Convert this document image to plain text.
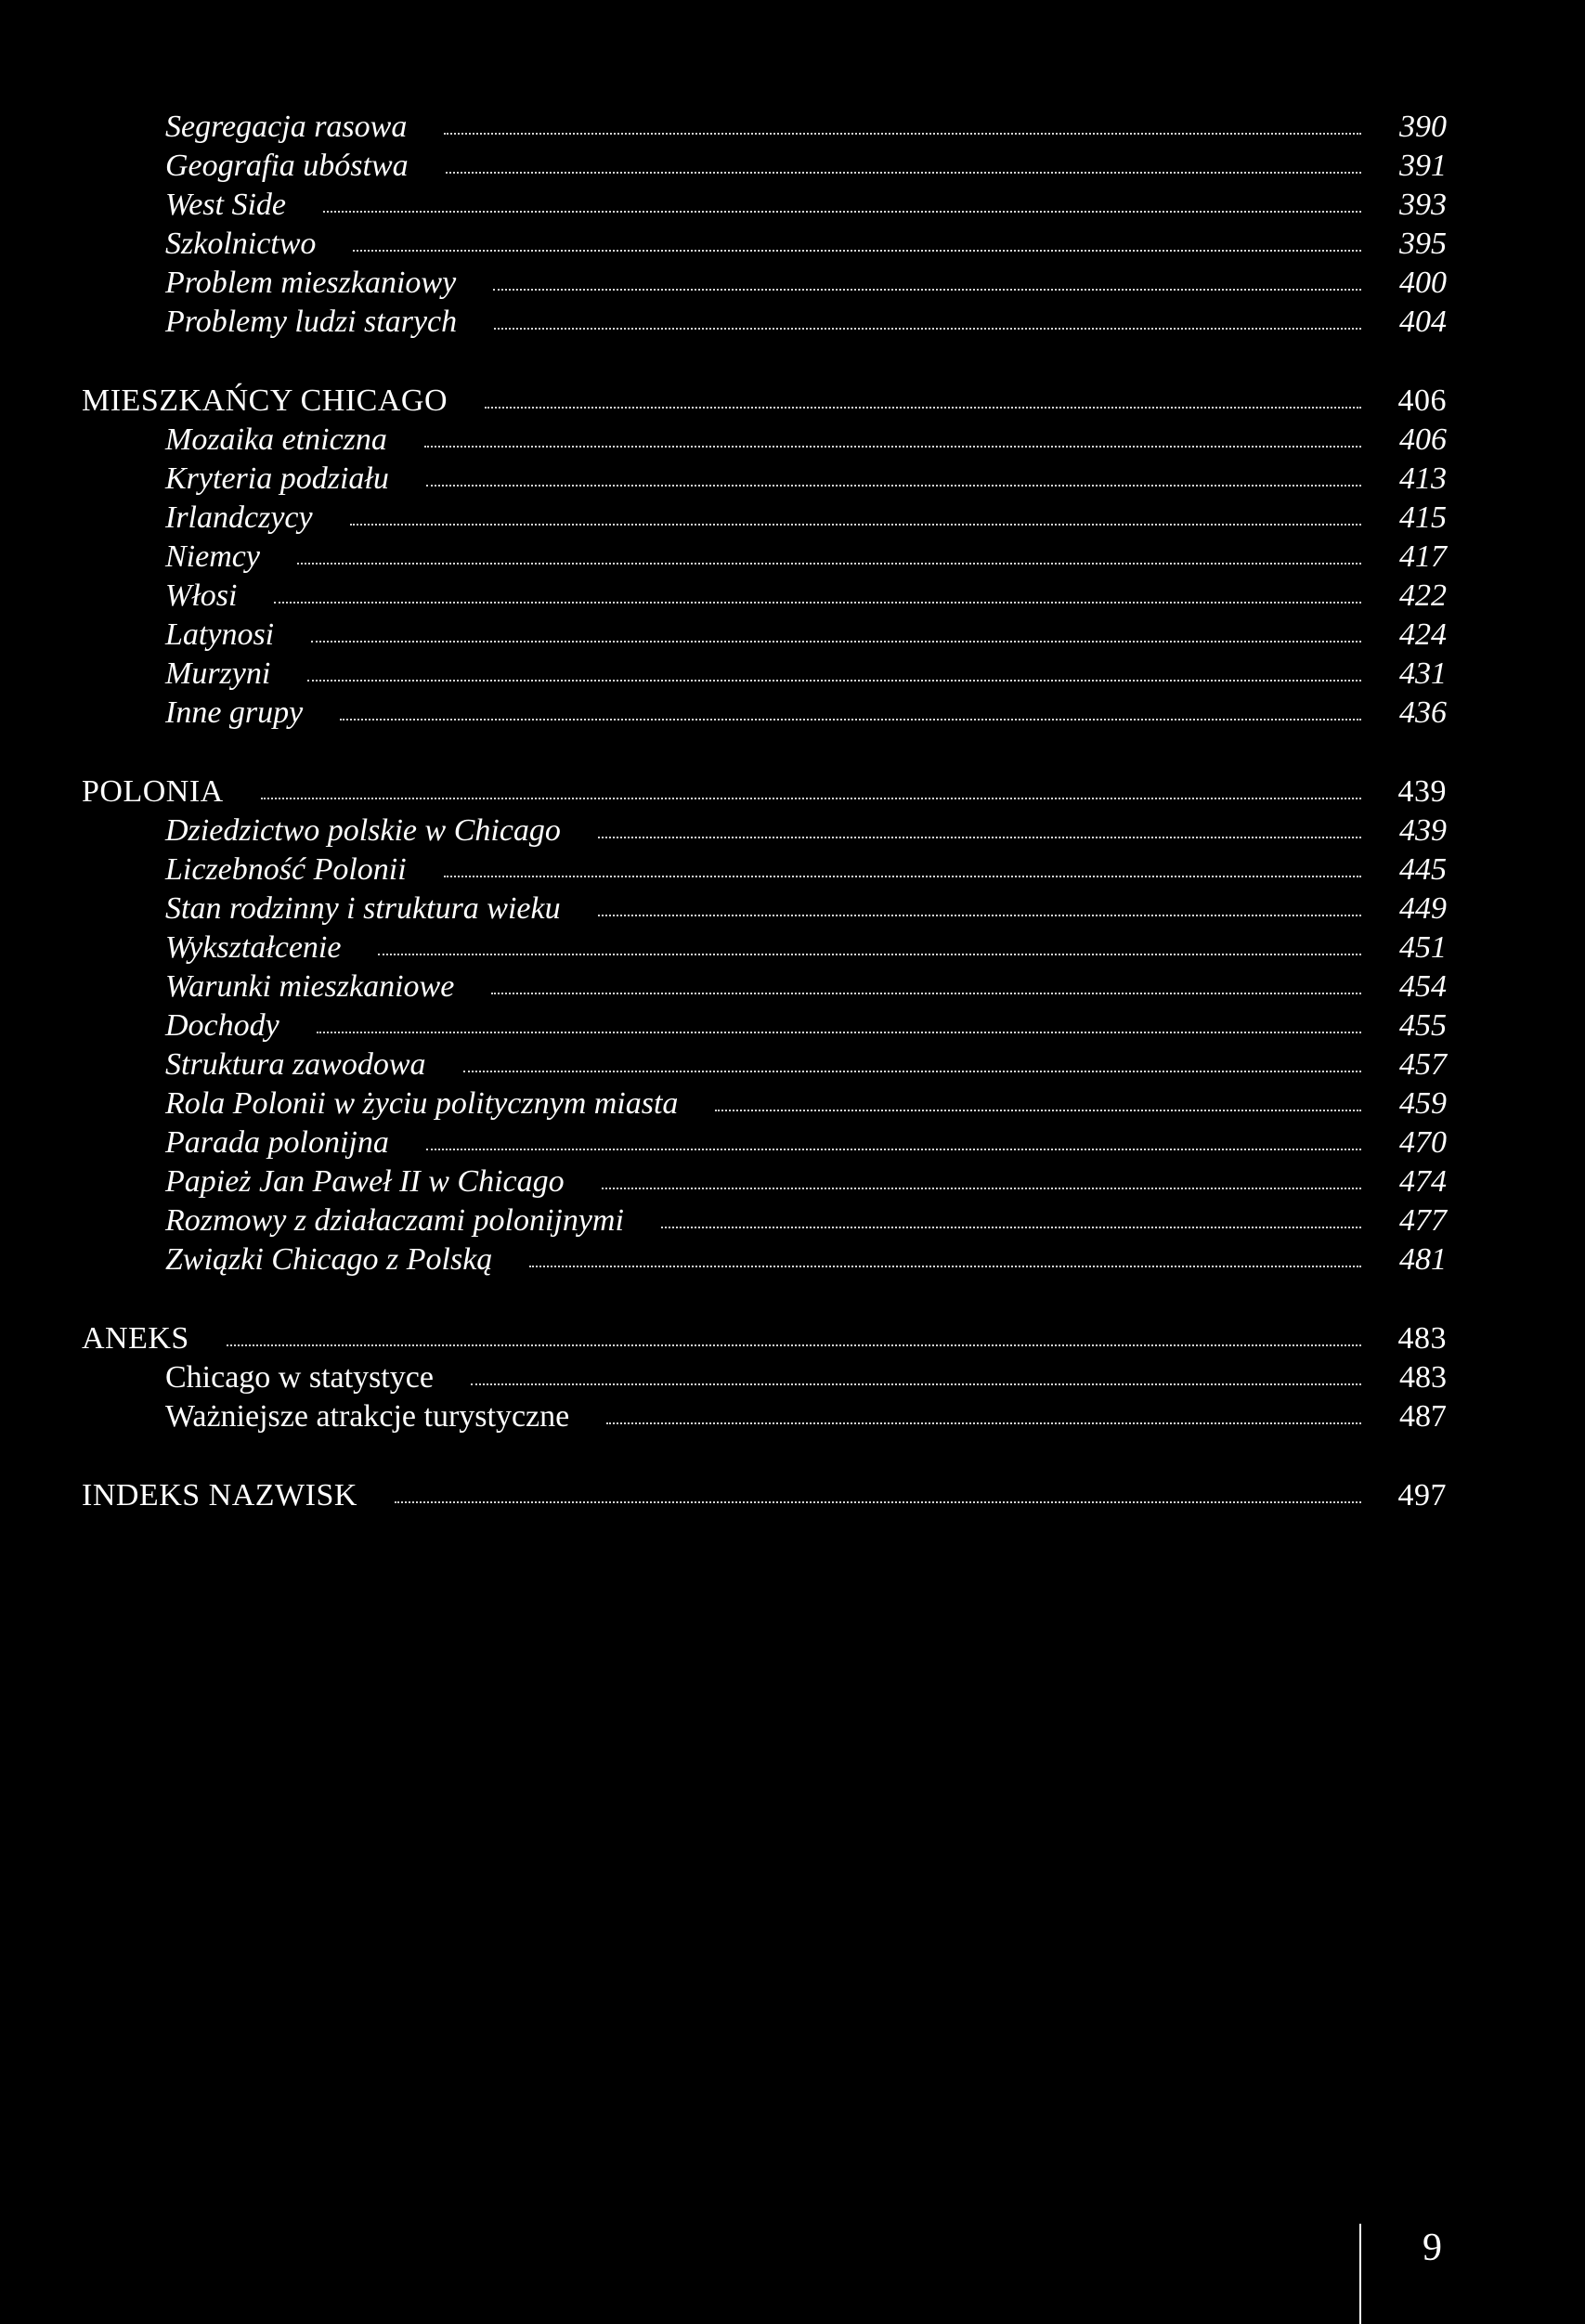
Segregacja rasowa	390
Geografia ubóstwa	391
West Side	393
Szkolnictwo	395
Problem mieszkaniowy	400
Problemy ludzi starych	404
MIESZKAŃCY CHICAGO	406
Mozaika etniczna	406
Kryteria podziału	413
Irlandczycy	415
Niemcy	417
Włosi	422
Latynosi	424
Murzyni	431
Inne grupy	436
POLONIA	439
Dziedzictwo polskie w Chicago	439
Liczebność Polonii	445
Stan rodzinny i struktura wieku	449
Wykształcenie	451
Warunki mieszkaniowe	454
Dochody	455
Struktura zawodowa	457
Rola Polonii w życiu politycznym miasta	459
Parada polonijna	470
Papież Jan Paweł II w Chicago	474
Rozmowy z działaczami polonijnymi	477
Związki Chicago z Polską	481
ANEKS	483
Chicago w statystyce	483
Ważniejsze atrakcje turystyczne	487
INDEKS NAZWISK	497
9
